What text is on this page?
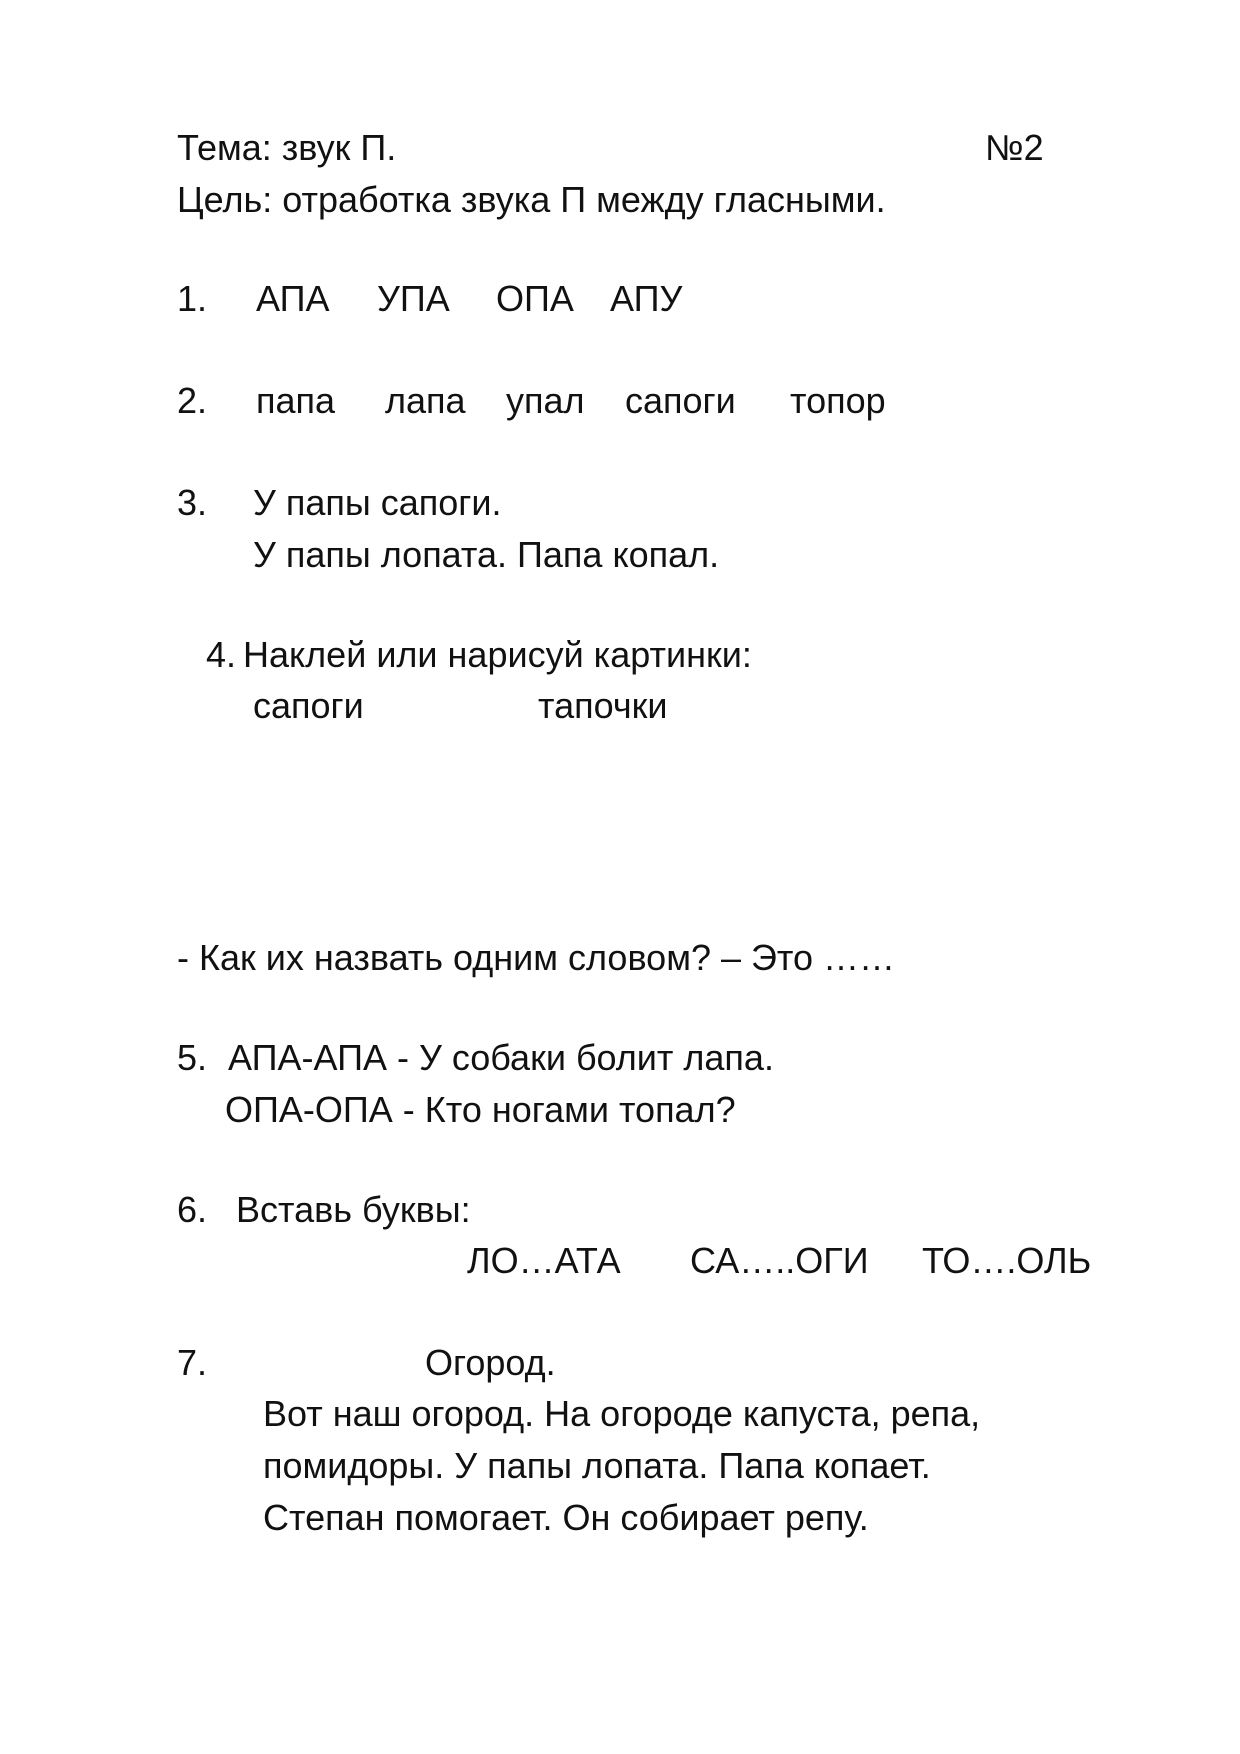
Тема: звук П.	№2
Цель: отработка звука П между гласными.
1. АПА УПА ОПА АПУ
2. папа лапа упал сапоги топор
3. У папы сапоги.
У папы лопата. Папа копал.
4. Наклей или нарисуй картинки:
сапоги	тапочки
- Как их назвать одним словом? – Это ……
5. АПА-АПА - У собаки болит лапа.
ОПА-ОПА - Кто ногами топал?
6. Вставь буквы:
ЛО…АТА СА…..ОГИ ТО….ОЛЬ
7.	Огород.
Вот наш огород. На огороде капуста, репа,
помидоры. У папы лопата. Папа копает.
Степан помогает. Он собирает репу.
